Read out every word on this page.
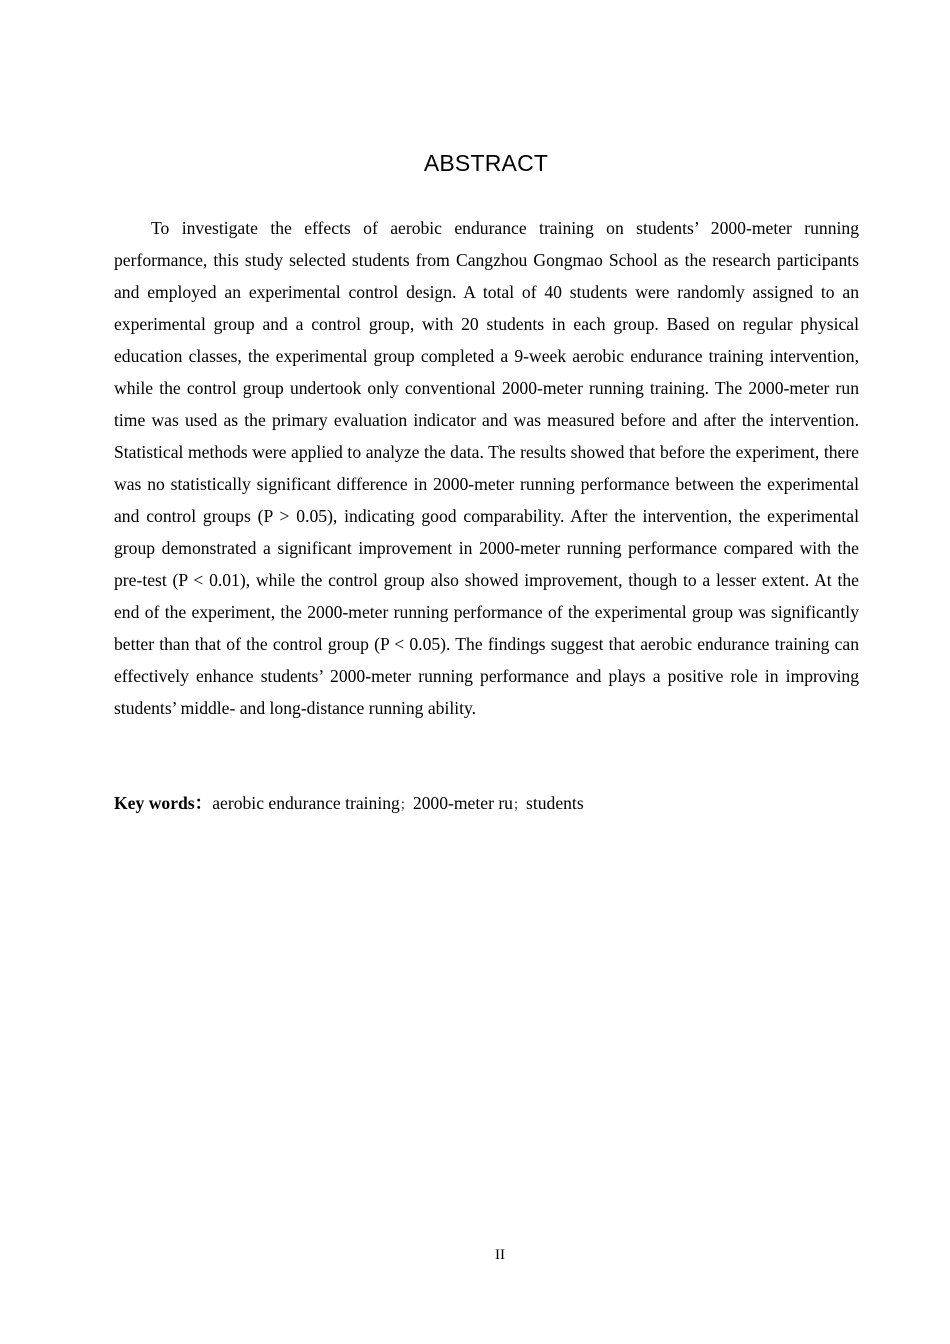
ABSTRACT

To investigate the effects of aerobic endurance training on students’ 2000-meter running performance, this study selected students from Cangzhou Gongmao School as the research participants and employed an experimental control design. A total of 40 students were randomly assigned to an experimental group and a control group, with 20 students in each group. Based on regular physical education classes, the experimental group completed a 9-week aerobic endurance training intervention, while the control group undertook only conventional 2000-meter running training. The 2000-meter run time was used as the primary evaluation indicator and was measured before and after the intervention. Statistical methods were applied to analyze the data. The results showed that before the experiment, there was no statistically significant difference in 2000-meter running performance between the experimental and control groups (P > 0.05), indicating good comparability. After the intervention, the experimental group demonstrated a significant improvement in 2000-meter running performance compared with the pre-test (P < 0.01), while the control group also showed improvement, though to a lesser extent. At the end of the experiment, the 2000-meter running performance of the experimental group was significantly better than that of the control group (P < 0.05). The findings suggest that aerobic endurance training can effectively enhance students’ 2000-meter running performance and plays a positive role in improving students’ middle- and long-distance running ability.

Key words：aerobic endurance training；2000-meter ru；students

II
